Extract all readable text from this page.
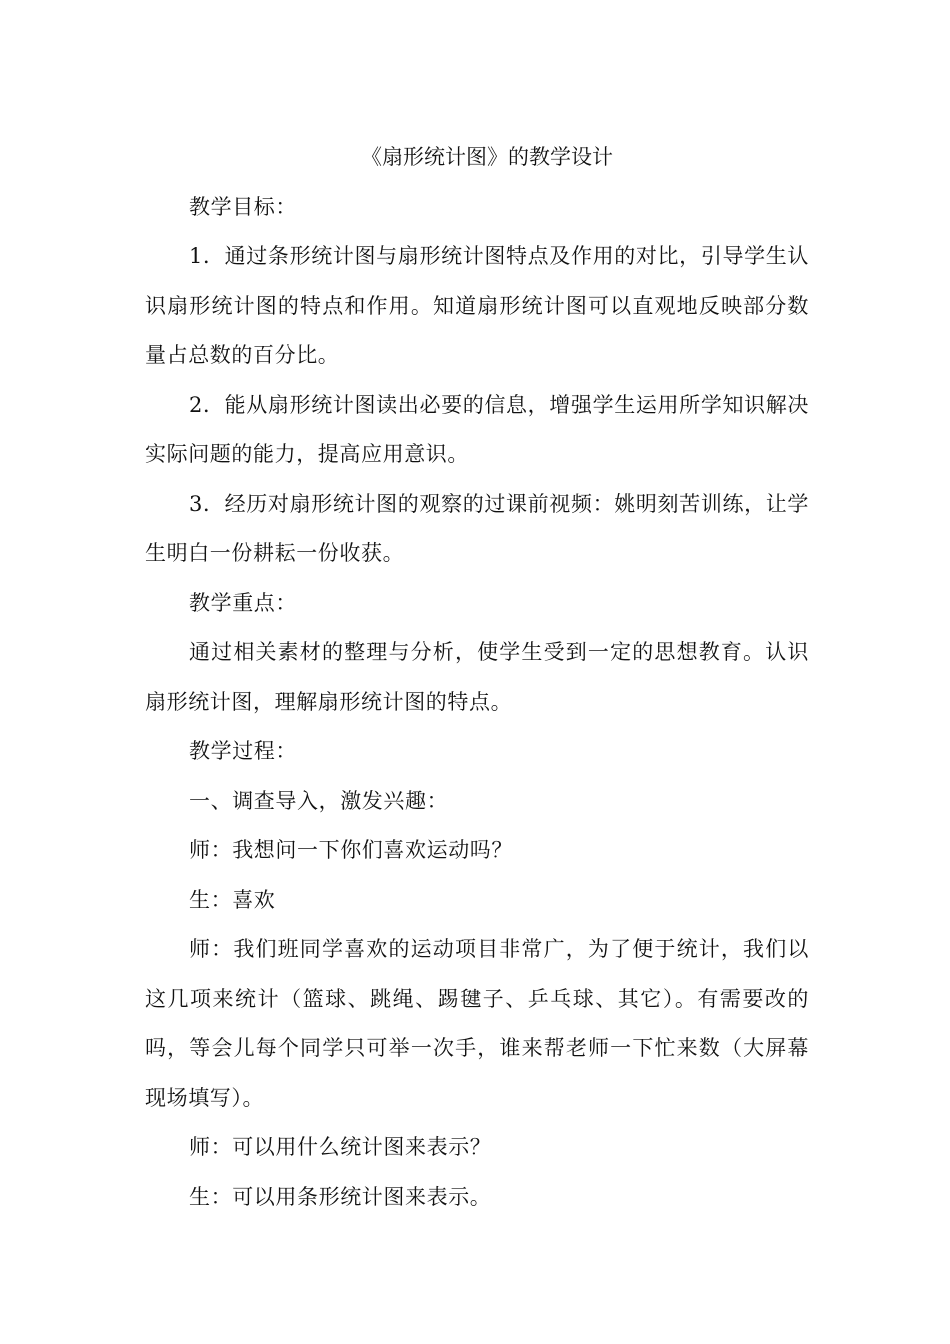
《扇形统计图》的教学设计

教学目标：

1．通过条形统计图与扇形统计图特点及作用的对比，引导学生认识扇形统计图的特点和作用。知道扇形统计图可以直观地反映部分数量占总数的百分比。

2．能从扇形统计图读出必要的信息，增强学生运用所学知识解决实际问题的能力，提高应用意识。

3．经历对扇形统计图的观察的过课前视频：姚明刻苦训练，让学生明白一份耕耘一份收获。

教学重点：

通过相关素材的整理与分析，使学生受到一定的思想教育。认识扇形统计图，理解扇形统计图的特点。

教学过程：

一、调查导入，激发兴趣：

师：我想问一下你们喜欢运动吗？

生：喜欢

师：我们班同学喜欢的运动项目非常广，为了便于统计，我们以这几项来统计（篮球、跳绳、踢毽子、乒乓球、其它）。有需要改的吗，等会儿每个同学只可举一次手，谁来帮老师一下忙来数（大屏幕现场填写）。

师：可以用什么统计图来表示？

生：可以用条形统计图来表示。
